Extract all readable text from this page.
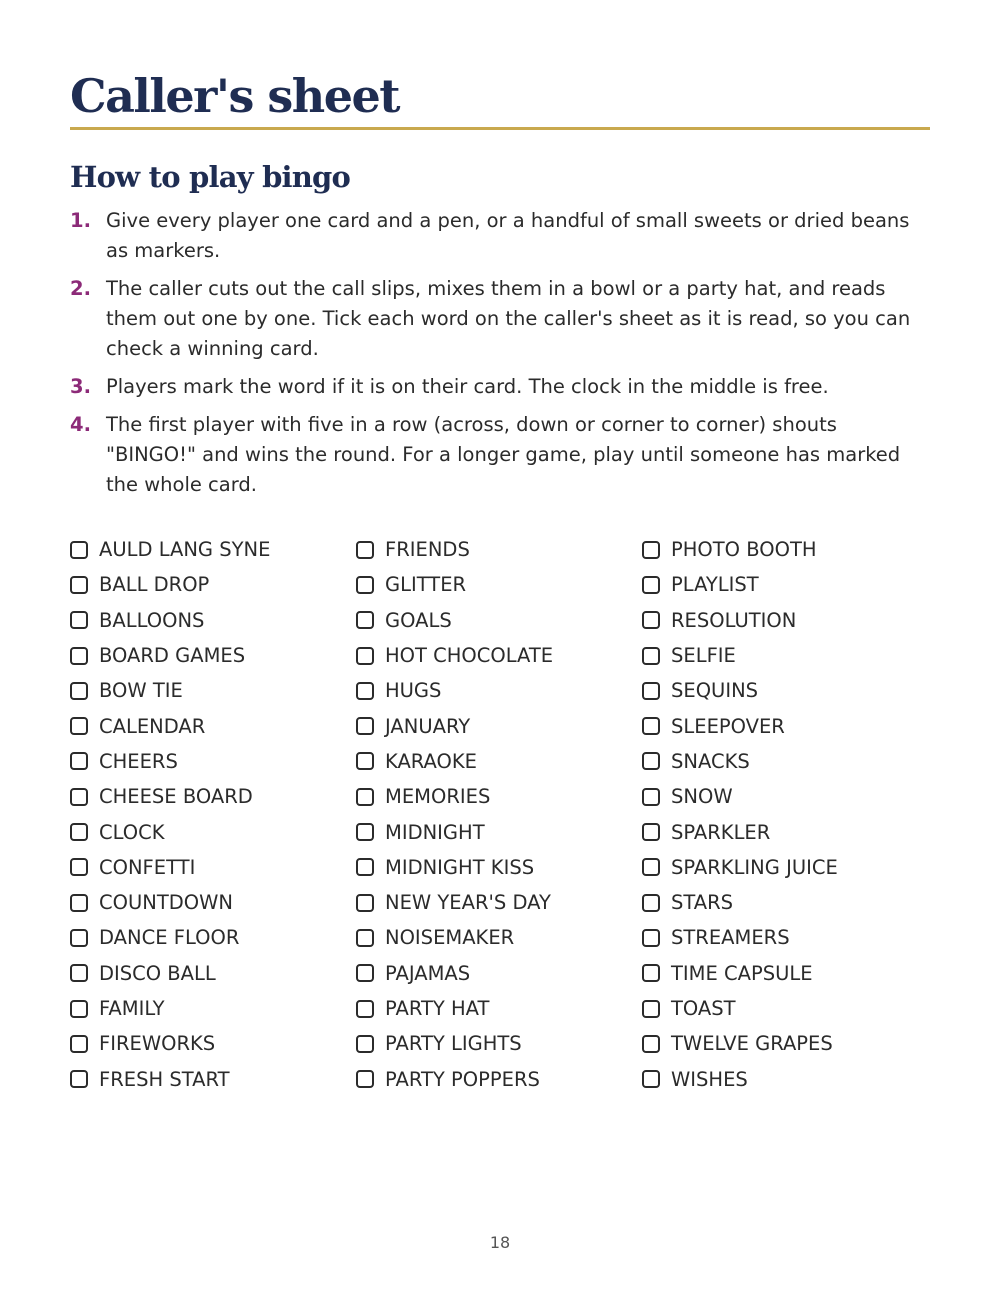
Caller's sheet
How to play bingo
1. Give every player one card and a pen, or a handful of small sweets or dried beans as markers.
2. The caller cuts out the call slips, mixes them in a bowl or a party hat, and reads them out one by one. Tick each word on the caller's sheet as it is read, so you can check a winning card.
3. Players mark the word if it is on their card. The clock in the middle is free.
4. The first player with five in a row (across, down or corner to corner) shouts "BINGO!" and wins the round. For a longer game, play until someone has marked the whole card.
AULD LANG SYNE
BALL DROP
BALLOONS
BOARD GAMES
BOW TIE
CALENDAR
CHEERS
CHEESE BOARD
CLOCK
CONFETTI
COUNTDOWN
DANCE FLOOR
DISCO BALL
FAMILY
FIREWORKS
FRESH START
FRIENDS
GLITTER
GOALS
HOT CHOCOLATE
HUGS
JANUARY
KARAOKE
MEMORIES
MIDNIGHT
MIDNIGHT KISS
NEW YEAR'S DAY
NOISEMAKER
PAJAMAS
PARTY HAT
PARTY LIGHTS
PARTY POPPERS
PHOTO BOOTH
PLAYLIST
RESOLUTION
SELFIE
SEQUINS
SLEEPOVER
SNACKS
SNOW
SPARKLER
SPARKLING JUICE
STARS
STREAMERS
TIME CAPSULE
TOAST
TWELVE GRAPES
WISHES
18
